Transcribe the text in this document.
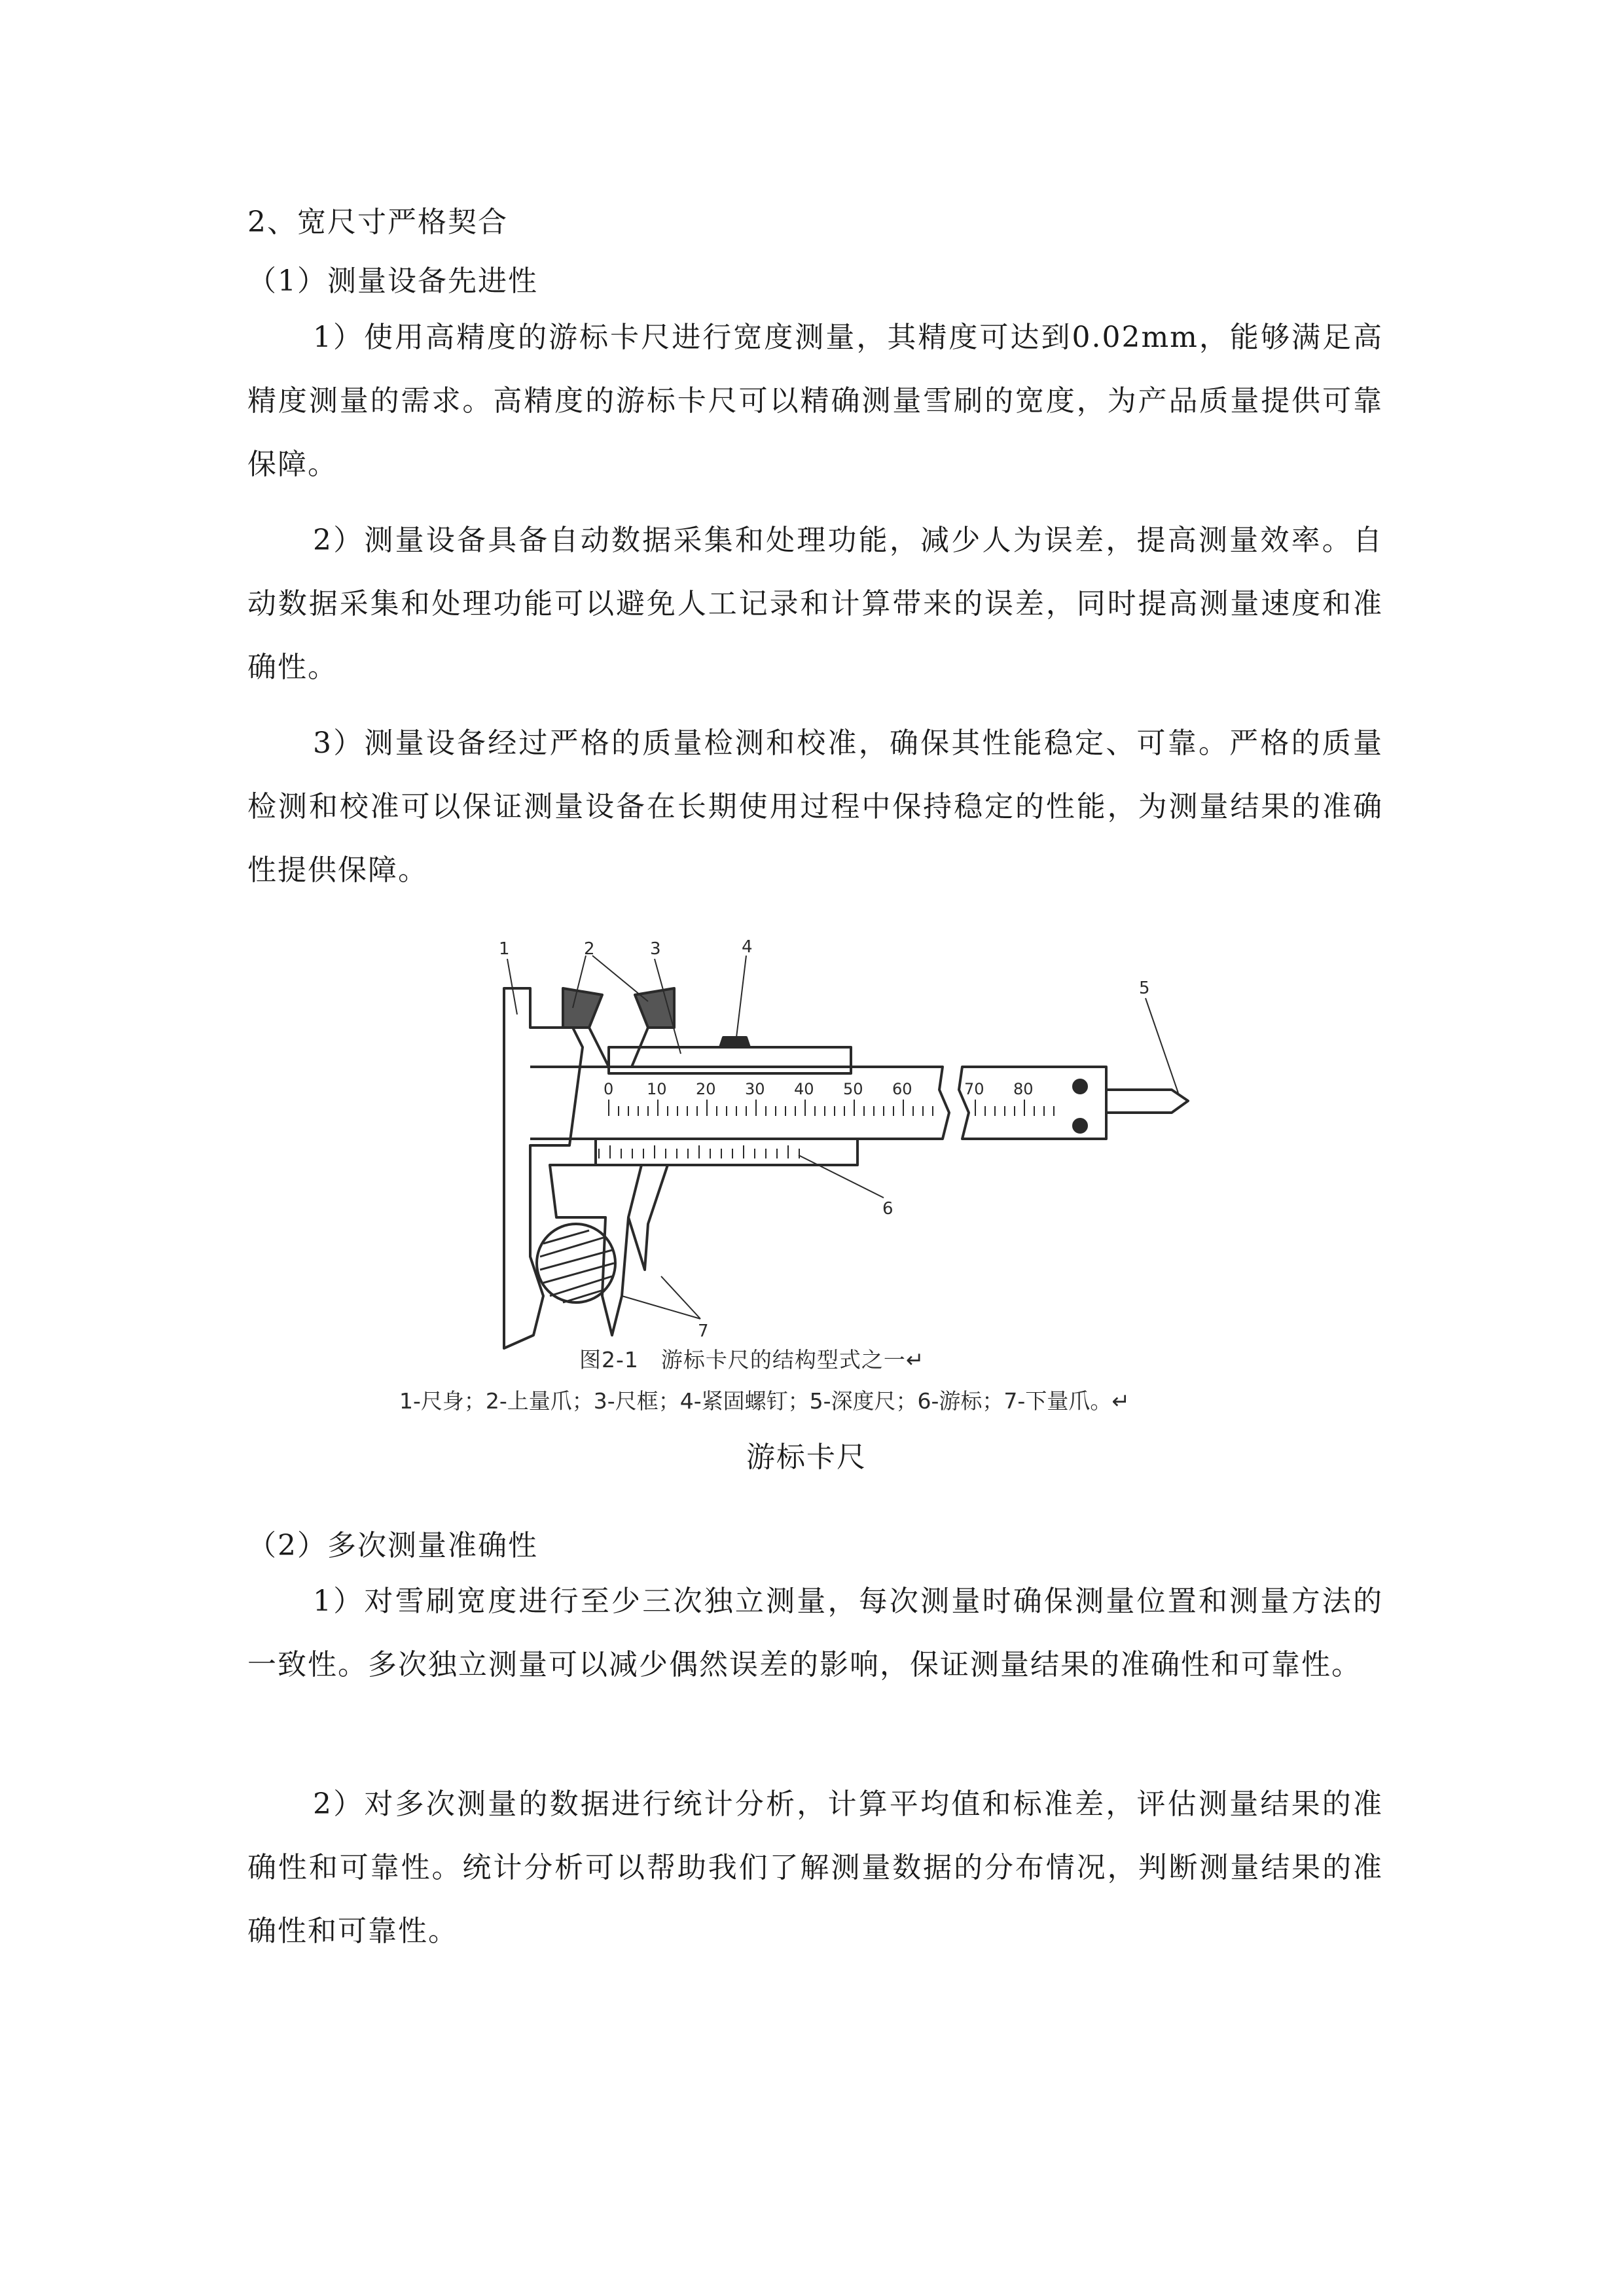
2、宽尺寸严格契合
（1）测量设备先进性
1）使用高精度的游标卡尺进行宽度测量，其精度可达到0.02mm，能够满足高精度测量的需求。高精度的游标卡尺可以精确测量雪刷的宽度，为产品质量提供可靠保障。
2）测量设备具备自动数据采集和处理功能，减少人为误差，提高测量效率。自动数据采集和处理功能可以避免人工记录和计算带来的误差，同时提高测量速度和准确性。
3）测量设备经过严格的质量检测和校准，确保其性能稳定、可靠。严格的质量检测和校准可以保证测量设备在长期使用过程中保持稳定的性能，为测量结果的准确性提供保障。
0 10 20 30 40 50 60	70 80
1	2	3	4
5
6
7
图2-1　游标卡尺的结构型式之一↵
1-尺身；2-上量爪；3-尺框；4-紧固螺钉；5-深度尺；6-游标；7-下量爪。↵
游标卡尺
（2）多次测量准确性
1）对雪刷宽度进行至少三次独立测量，每次测量时确保测量位置和测量方法的一致性。多次独立测量可以减少偶然误差的影响，保证测量结果的准确性和可靠性。
2）对多次测量的数据进行统计分析，计算平均值和标准差，评估测量结果的准确性和可靠性。统计分析可以帮助我们了解测量数据的分布情况，判断测量结果的准确性和可靠性。
